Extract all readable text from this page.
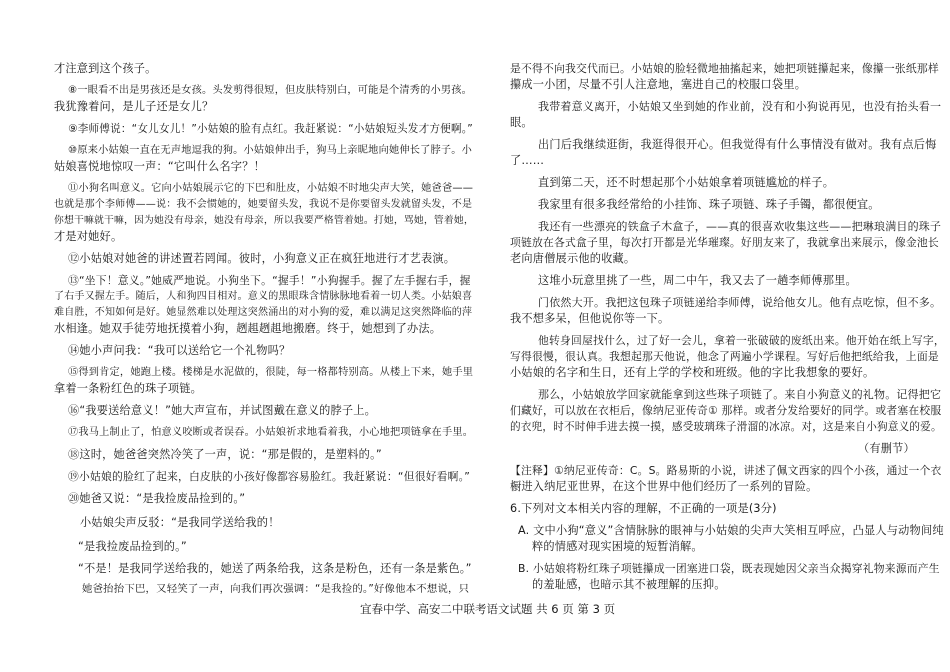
才注意到这个孩子。
⑧一眼看不出是男孩还是女孩。头发剪得很短，但皮肤特别白，可能是个清秀的小男孩。
我犹豫着问，是儿子还是女儿？
⑨李师傅说：“女儿女儿！”小姑娘的脸有点红。我赶紧说：“小姑娘短头发才方便啊。”
⑩原来小姑娘一直在无声地逗我的狗。小姑娘伸出手，狗马上亲昵地向她伸长了脖子。小
姑娘喜悦地惊叹一声：“它叫什么名字？！
⑪小狗名叫意义。它向小姑娘展示它的下巴和肚皮，小姑娘不时地尖声大笑，她爸爸——
也就是那个李师傅——说：我不会惯她的，她要留头发，我说不是你要留头发就留头发，不是
你想干嘛就干嘛，因为她没有母亲，她没有母亲，所以我要严格管着她。打她，骂她，管着她，
才是对她好。
⑫小姑娘对她爸的讲述置若罔闻。彼时，小狗意义正在疯狂地进行才艺表演。
⑬“坐下！意义。”她威严地说。小狗坐下。“握手！”小狗握手。握了左手握右手，握
了右手又握左手。随后，人和狗四目相对。意义的黑眼珠含情脉脉地看着一切人类。小姑娘喜
难自胜，不知如何是好。她显然难以处理这突然涌出的对小狗的爱，难以满足这突然降临的萍
水相逢。她双手徒劳地抚摸着小狗，趔趄趔趄地搬磨。终于，她想到了办法。
⑭她小声问我：“我可以送给它一个礼物吗？
⑮得到肯定，她跑上楼。楼梯是水泥做的，很陡，每一格都特别高。从楼上下来，她手里
拿着一条粉红色的珠子项链。
⑯“我要送给意义！”她大声宣布，并试图戴在意义的脖子上。
⑰我马上制止了，怕意义咬断或者误吞。小姑娘祈求地看着我，小心地把项链拿在手里。
⑱这时，她爸爸突然冷笑了一声，说：“那是假的，是塑料的。”
⑲小姑娘的脸红了起来，白皮肤的小孩好像都容易脸红。我赶紧说：“但很好看啊。”
⑳她爸又说：“是我捡废品捡到的。”
小姑娘尖声反驳：“是我同学送给我的！
“是我捡废品捡到的。”
“不是！是我同学送给我的，她送了两条给我，这条是粉色，还有一条是紫色。”
她爸抬抬下巴，又轻笑了一声，向我们再次强调：“是我捡的。”好像他本不想说，只
是不得不向我交代而已。小姑娘的脸轻微地抽搐起来，她把项链攥起来，像攥一张纸那样
攥成一小团，尽量不引人注意地，塞进自己的校服口袋里。
我带着意义离开，小姑娘又坐到她的作业前，没有和小狗说再见，也没有抬头看一
眼。
出门后我继续逛街，我逛得很开心。但我觉得有什么事情没有做对。我有点后悔
了……
直到第二天，还不时想起那个小姑娘拿着项链尴尬的样子。
我家里有很多我经常给的小挂饰、珠子项链、珠子手镯，都很便宜。
我还有一些漂亮的铁盒子木盒子，——真的很喜欢收集这些——把琳琅满目的珠子
项链放在各式盒子里，每次打开都是光华璀璨。好朋友来了，我就拿出来展示，像金池长
老向唐僧展示他的收藏。
这堆小玩意里挑了一些，周二中午，我又去了一趟李师傅那里。
门依然大开。我把这包珠子项链递给李师傅，说给他女儿。他有点吃惊，但不多。
我不想多呆，但他说你等一下。
他转身回屋找什么，过了好一会儿，拿着一张破破的废纸出来。他开始在纸上写字，
写得很慢，很认真。我想起那天他说，他念了两遍小学课程。写好后他把纸给我，上面是
小姑娘的名字和生日，还有上学的学校和班级。他的字比我想象的要好。
那么，小姑娘放学回家就能拿到这些珠子项链了。来自小狗意义的礼物。记得把它
们藏好，可以放在衣柜后，像纳尼亚传奇① 那样。或者分发给要好的同学。或者塞在校服
的衣兜，时不时伸手进去摸一摸，感受玻璃珠子滑溜的冰凉。对，这是来自小狗意义的爱。
（有删节）
【注释】①纳尼亚传奇：C。S。路易斯的小说，讲述了佩文西家的四个小孩，通过一个衣
橱进入纳尼亚世界，在这个世界中他们经历了一系列的冒险。
6.下列对文本相关内容的理解，不正确的一项是(3分)
A. 文中小狗“意义”含情脉脉的眼神与小姑娘的尖声大笑相互呼应，凸显人与动物间纯
粹的情感对现实困境的短暂消解。
B. 小姑娘将粉红珠子项链攥成一团塞进口袋，既表现她因父亲当众揭穿礼物来源而产生
的羞耻感，也暗示其不被理解的压抑。
宜春中学、高安二中联考语文试题 共 6 页 第 3 页
